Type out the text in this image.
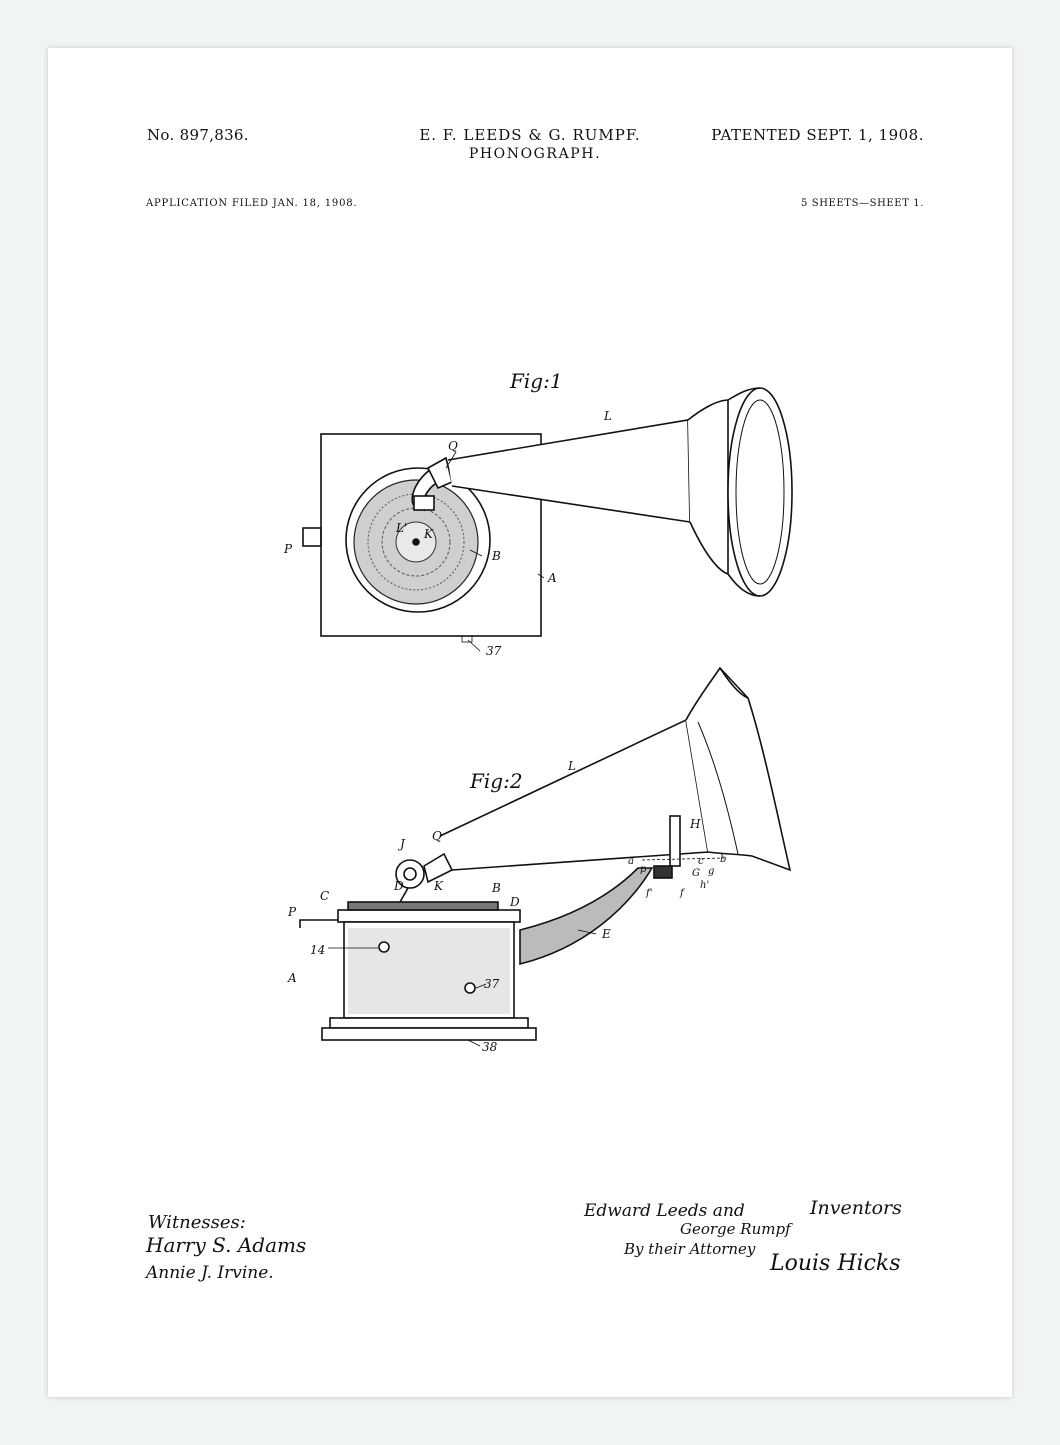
No. 897,836.	E. F. LEEDS & G. RUMPF.	PATENTED SEPT. 1, 1908.
PHONOGRAPH.
APPLICATION FILED JAN. 18, 1908.	5 SHEETS—SHEET 1.
Fig:1
L
Q
L' K
B
A
P
37
Fig:2
L
J
Q
H
C
D	K	B
D
P
E
14
A	37
38
a
p
c b
G g
h'
f'	f
Witnesses:
Harry S. Adams
Annie J. Irvine.
Edward Leeds and	Inventors
George Rumpf
By their Attorney
Louis Hicks
